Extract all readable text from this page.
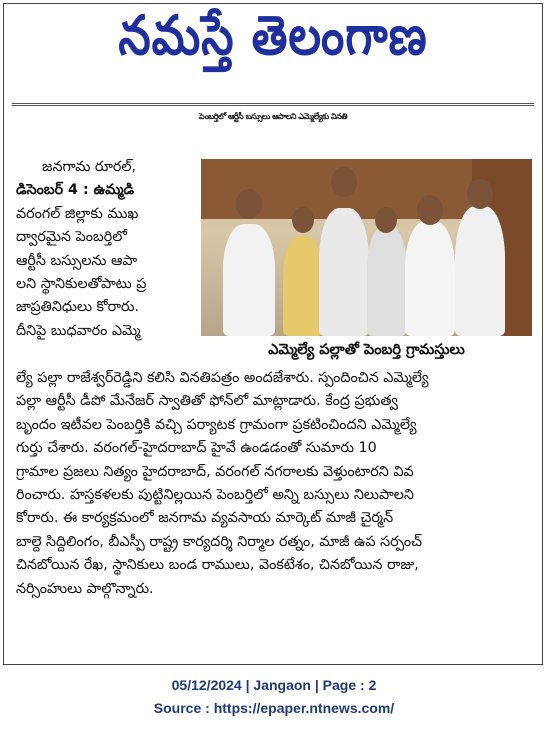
నమస్తే తెలంగాణ
పెంబర్తిలో ఆర్టీసీ బస్సులు ఆపాలని ఎమ్మెల్యేకు వినతి
జనగామ రూరల్,
డిసెంబర్ 4 : ఉమ్మడి
వరంగల్ జిల్లాకు ముఖ
ద్వారమైన పెంబర్తిలో
ఆర్టీసీ బస్సులను ఆపా
లని స్థానికులతోపాటు ప్ర
జాప్రతినిధులు కోరారు.
దీనిపై బుధవారం ఎమ్మె
ఎమ్మెల్యే పల్లాతో పెంబర్తి గ్రామస్తులు
ల్యే పల్లా రాజేశ్వర్‌రెడ్డిని కలిసి వినతిపత్రం అందజేశారు. స్పందించిన ఎమ్మెల్యే
పల్లా ఆర్టీసీ డీపో మేనేజర్ స్వాతితో ఫోన్‌లో మాట్లాడారు. కేంద్ర ప్రభుత్వ
బృందం ఇటీవల పెంబర్తికి వచ్చి పర్యాటక గ్రామంగా ప్రకటించిందని ఎమ్మెల్యే
గుర్తు చేశారు. వరంగల్-హైదరాబాద్ హైవే ఉండడంతో సుమారు 10
గ్రామాల ప్రజలు నిత్యం హైదరాబాద్, వరంగల్ నగరాలకు వెళ్తుంటారని వివ
రించారు. హస్తకళలకు పుట్టినిల్లయిన పెంబర్తిలో అన్ని బస్సులు నిలుపాలని
కోరారు. ఈ కార్యక్రమంలో జనగామ వ్యవసాయ మార్కెట్ మాజీ చైర్మన్
బాల్దె సిద్దిలింగం, బీఎస్పీ రాష్ట్ర కార్యదర్శి నిర్మాల రత్నం, మాజీ ఉప సర్పంచ్
చినబోయిన రేఖ, స్థానికులు బండ రాములు, వెంకటేశం, చినబోయిన రాజు,
నర్సింహులు పాల్గొన్నారు.
05/12/2024 | Jangaon | Page : 2
Source : https://epaper.ntnews.com/
